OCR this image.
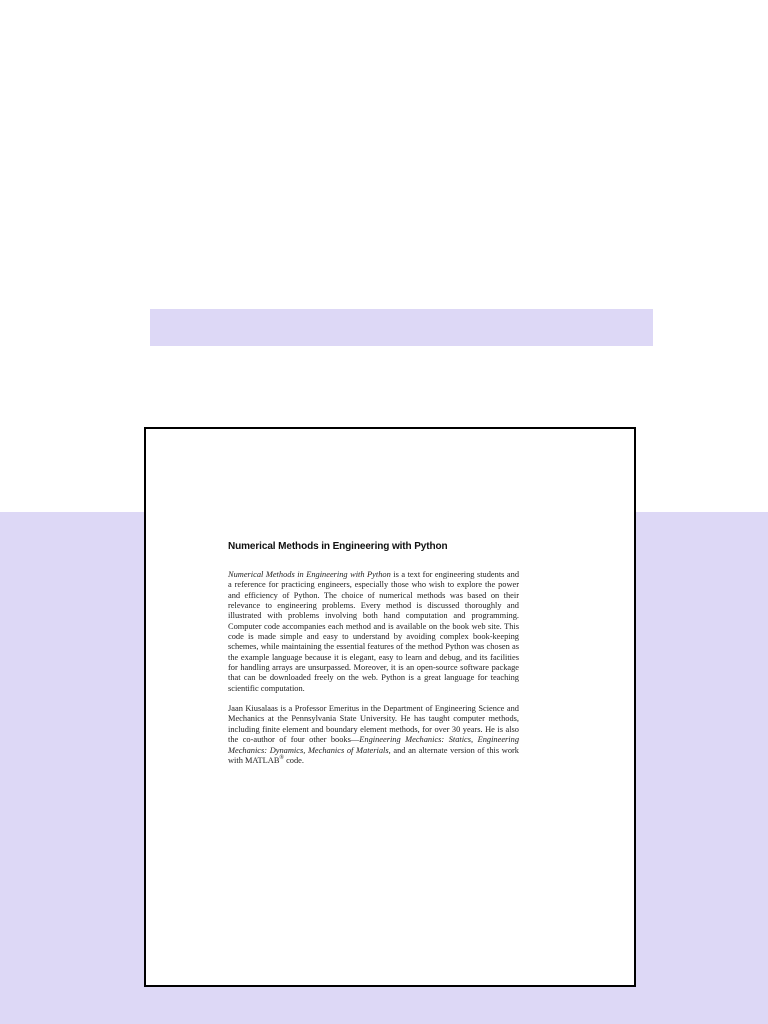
Numerical Methods in Engineering with Python

Numerical Methods in Engineering with Python is a text for engineering students and a reference for practicing engineers, especially those who wish to explore the power and efficiency of Python. The choice of numerical methods was based on their relevance to engineering problems. Every method is discussed thoroughly and illustrated with problems involving both hand computation and programming. Computer code accompanies each method and is available on the book web site. This code is made simple and easy to understand by avoiding complex book-keeping schemes, while maintaining the essential features of the method Python was chosen as the example language because it is elegant, easy to learn and debug, and its facilities for handling arrays are unsurpassed. Moreover, it is an open-source software package that can be downloaded freely on the web. Python is a great language for teaching scientific computation.

Jaan Kiusalaas is a Professor Emeritus in the Department of Engineering Science and Mechanics at the Pennsylvania State University. He has taught computer methods, including finite element and boundary element methods, for over 30 years. He is also the co-author of four other books—Engineering Mechanics: Statics, Engineering Mechanics: Dynamics, Mechanics of Materials, and an alternate version of this work with MATLAB® code.
